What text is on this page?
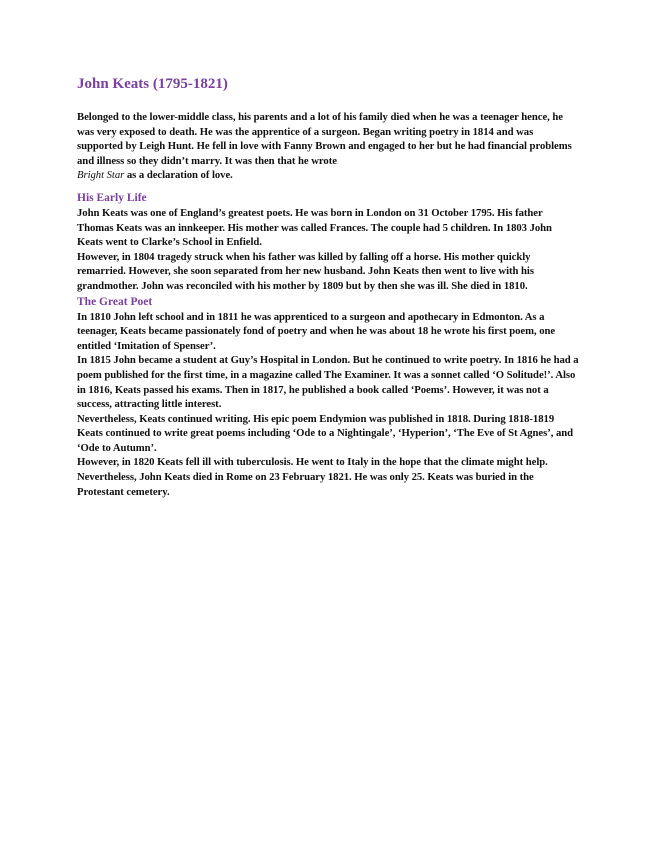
John Keats (1795-1821)

Belonged to the lower-middle class, his parents and a lot of his family died when he was a teenager hence, he was very exposed to death. He was the apprentice of a surgeon. Began writing poetry in 1814 and was supported by Leigh Hunt. He fell in love with Fanny Brown and engaged to her but he had financial problems and illness so they didn’t marry. It was then that he wrote
Bright Star as a declaration of love.

His Early Life

John Keats was one of England’s greatest poets. He was born in London on 31 October 1795. His father Thomas Keats was an innkeeper. His mother was called Frances. The couple had 5 children. In 1803 John Keats went to Clarke’s School in Enfield.

However, in 1804 tragedy struck when his father was killed by falling off a horse. His mother quickly remarried. However, she soon separated from her new husband. John Keats then went to live with his grandmother. John was reconciled with his mother by 1809 but by then she was ill. She died in 1810.

The Great Poet

In 1810 John left school and in 1811 he was apprenticed to a surgeon and apothecary in Edmonton. As a teenager, Keats became passionately fond of poetry and when he was about 18 he wrote his first poem, one entitled ‘Imitation of Spenser’.

In 1815 John became a student at Guy’s Hospital in London. But he continued to write poetry. In 1816 he had a poem published for the first time, in a magazine called The Examiner. It was a sonnet called ‘O Solitude!’. Also in 1816, Keats passed his exams. Then in 1817, he published a book called ‘Poems’. However, it was not a success, attracting little interest.

Nevertheless, Keats continued writing. His epic poem Endymion was published in 1818. During 1818-1819 Keats continued to write great poems including ‘Ode to a Nightingale’, ‘Hyperion’, ‘The Eve of St Agnes’, and ‘Ode to Autumn’.

However, in 1820 Keats fell ill with tuberculosis. He went to Italy in the hope that the climate might help. Nevertheless, John Keats died in Rome on 23 February 1821. He was only 25. Keats was buried in the Protestant cemetery.
